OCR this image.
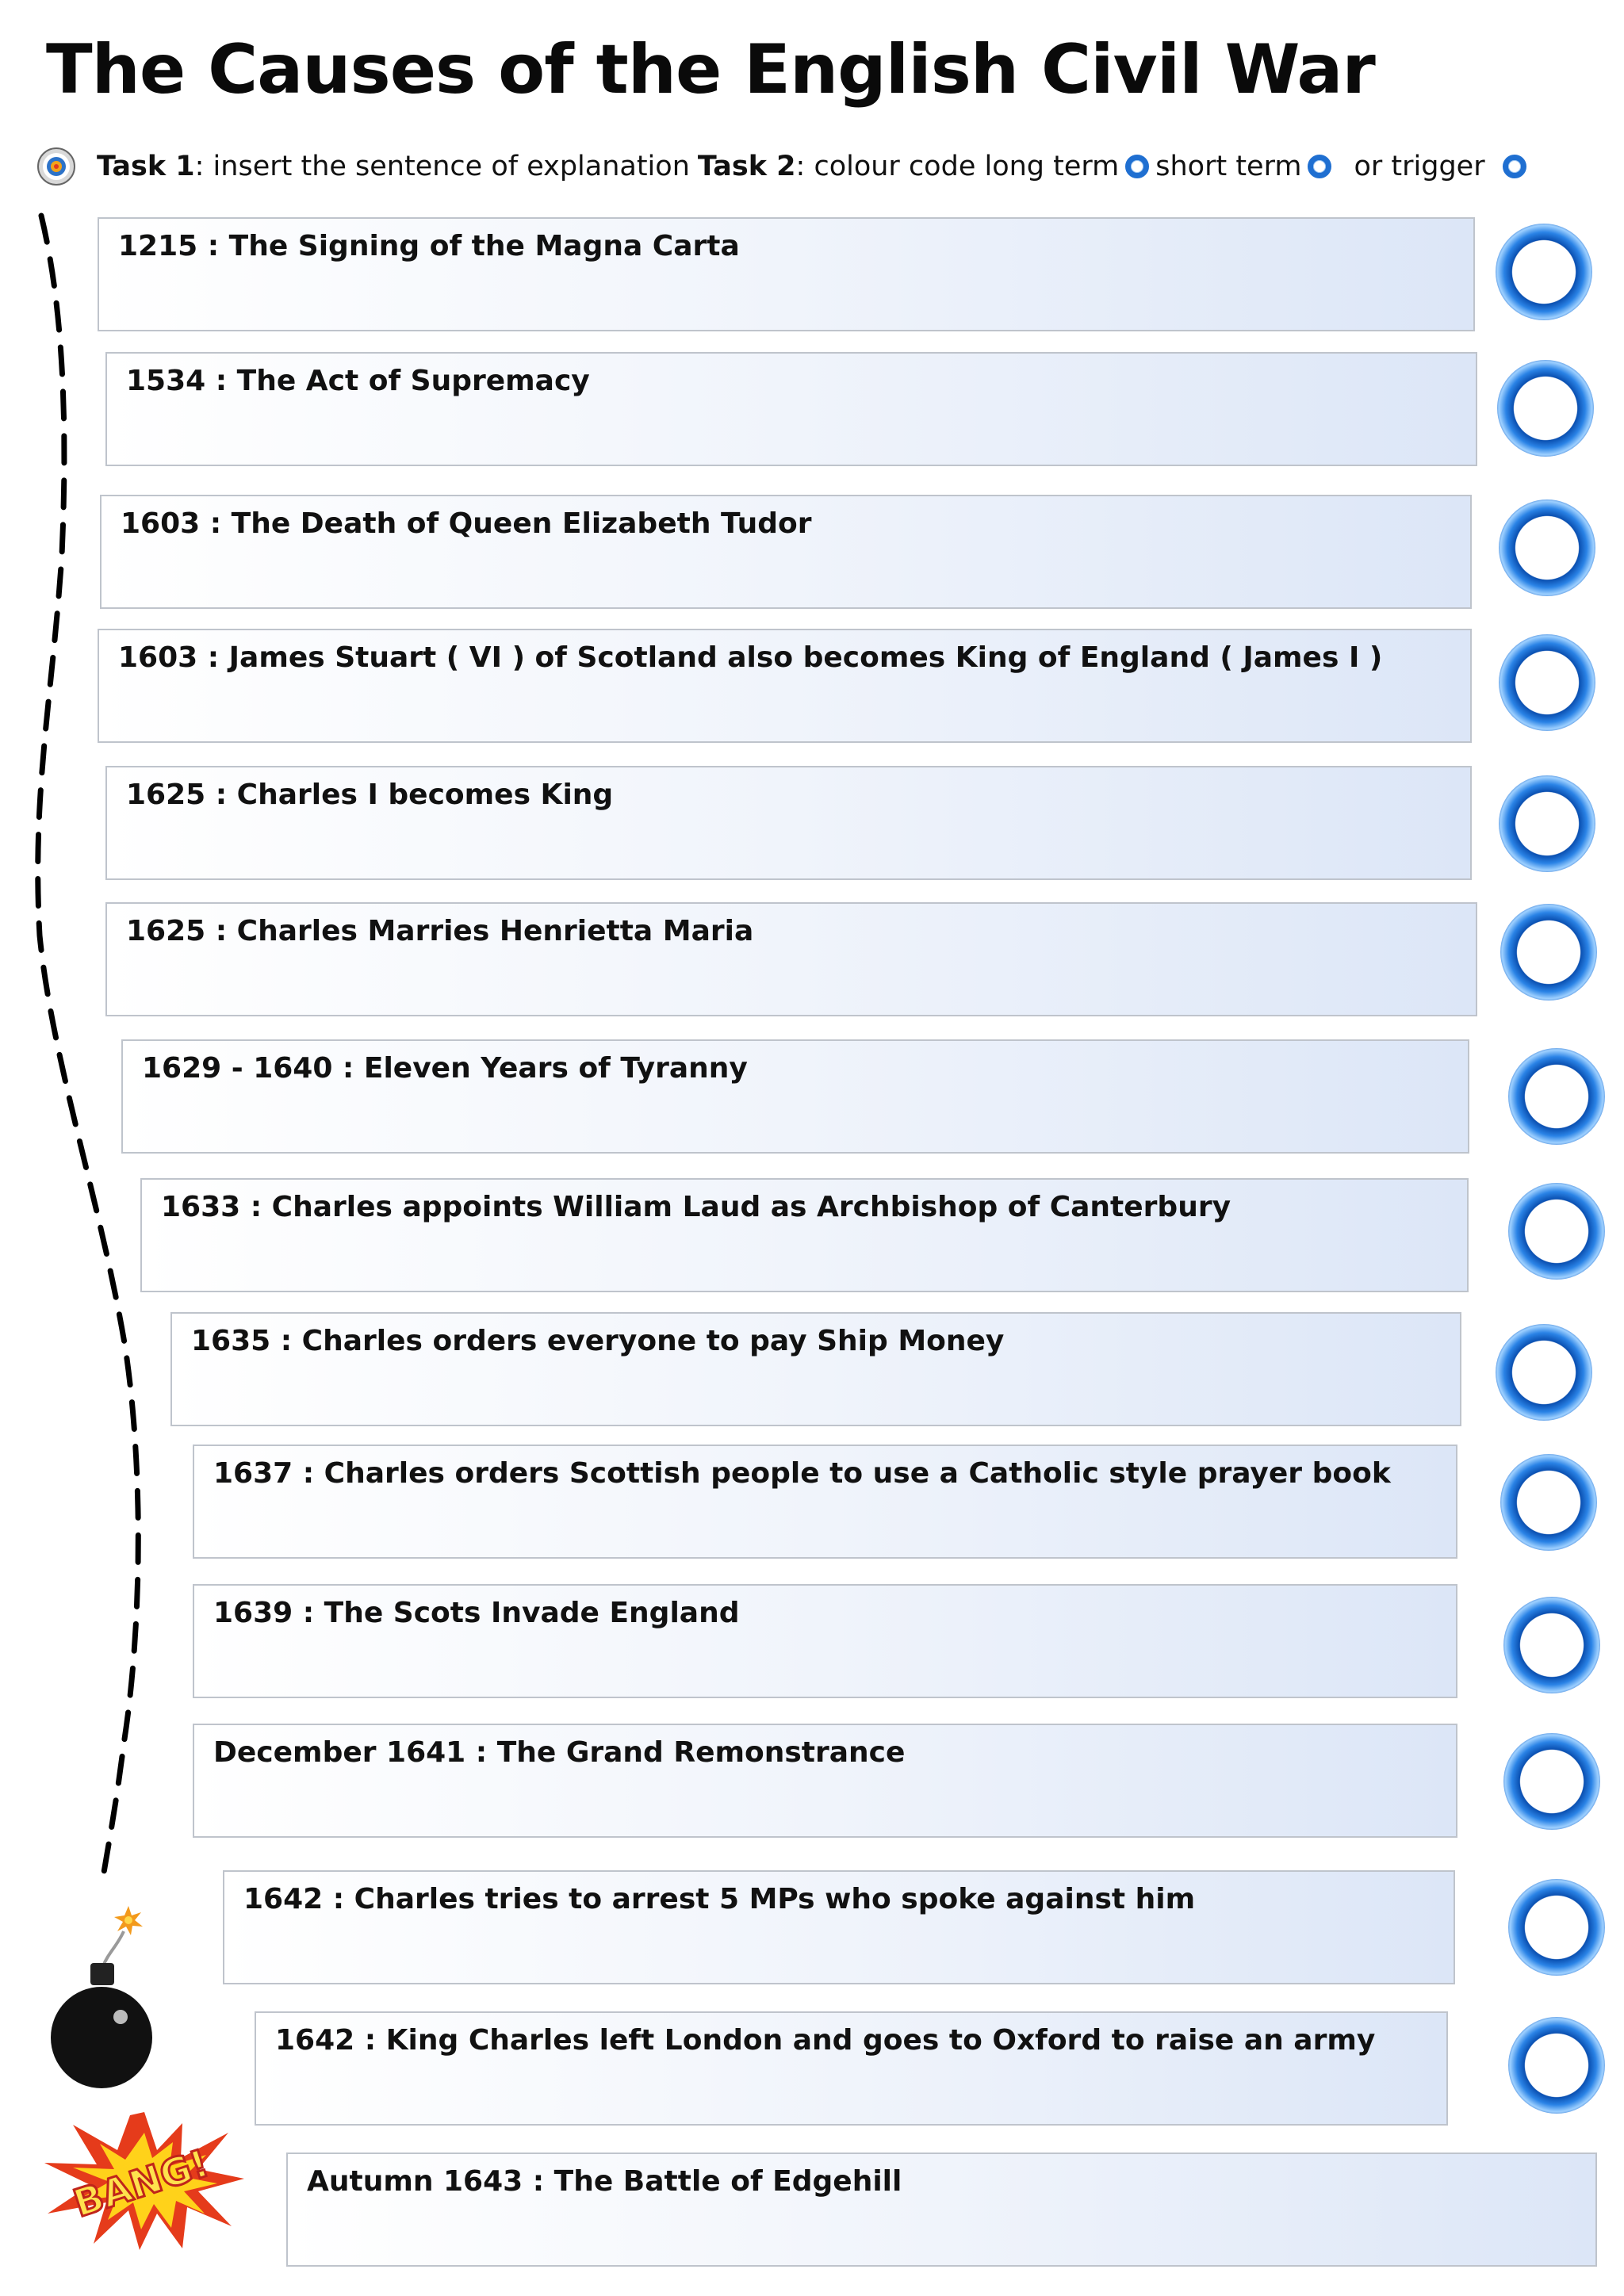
The Causes of the English Civil War
Task 1 : insert the sentence of explanation Task 2 : colour code long term short term or trigger
1215 : The Signing of the Magna Carta
1534 : The Act of Supremacy
1603 : The Death of Queen Elizabeth Tudor
1603 : James Stuart ( VI ) of Scotland also becomes King of England ( James I )
1625 : Charles I becomes King
1625 : Charles Marries Henrietta Maria
1629 - 1640 : Eleven Years of Tyranny
1633 : Charles appoints William Laud as Archbishop of Canterbury
1635 : Charles orders everyone to pay Ship Money
1637 : Charles orders Scottish people to use a Catholic style prayer book
1639 : The Scots Invade England
December 1641 : The Grand Remonstrance
1642 : Charles tries to arrest 5 MPs who spoke against him
1642 : King Charles left London and goes to Oxford to raise an army
Autumn 1643 : The Battle of Edgehill
BANG!
